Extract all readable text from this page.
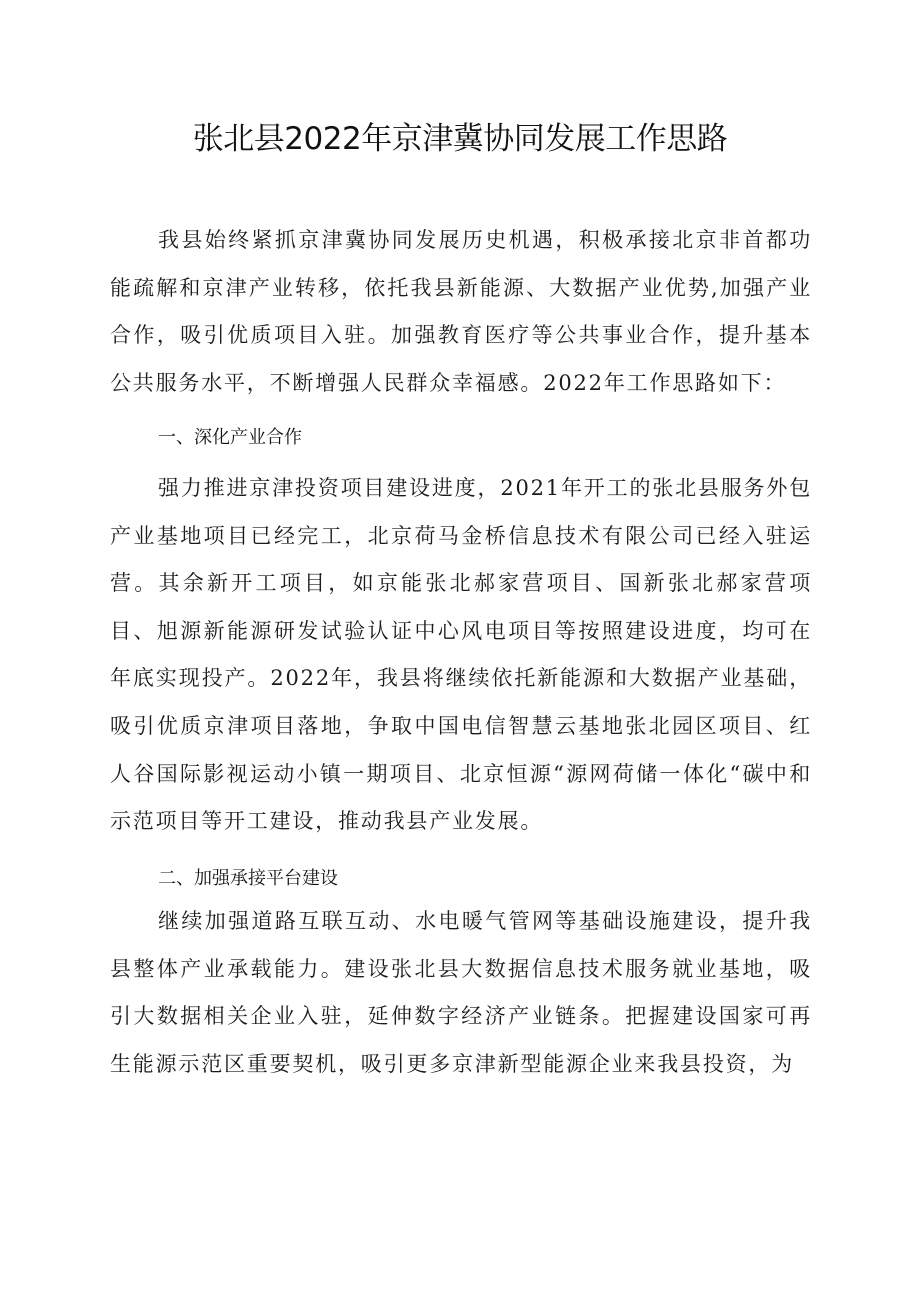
张北县2022年京津冀协同发展工作思路

我县始终紧抓京津冀协同发展历史机遇，积极承接北京非首都功能疏解和京津产业转移，依托我县新能源、大数据产业优势,加强产业合作，吸引优质项目入驻。加强教育医疗等公共事业合作，提升基本公共服务水平，不断增强人民群众幸福感。2022年工作思路如下：

一、深化产业合作

强力推进京津投资项目建设进度，2021年开工的张北县服务外包产业基地项目已经完工，北京荷马金桥信息技术有限公司已经入驻运营。其余新开工项目，如京能张北郝家营项目、国新张北郝家营项目、旭源新能源研发试验认证中心风电项目等按照建设进度，均可在年底实现投产。2022年，我县将继续依托新能源和大数据产业基础，吸引优质京津项目落地，争取中国电信智慧云基地张北园区项目、红人谷国际影视运动小镇一期项目、北京恒源“源网荷储一体化“碳中和示范项目等开工建设，推动我县产业发展。

二、加强承接平台建设

继续加强道路互联互动、水电暖气管网等基础设施建设，提升我县整体产业承载能力。建设张北县大数据信息技术服务就业基地，吸引大数据相关企业入驻，延伸数字经济产业链条。把握建设国家可再生能源示范区重要契机，吸引更多京津新型能源企业来我县投资，为
